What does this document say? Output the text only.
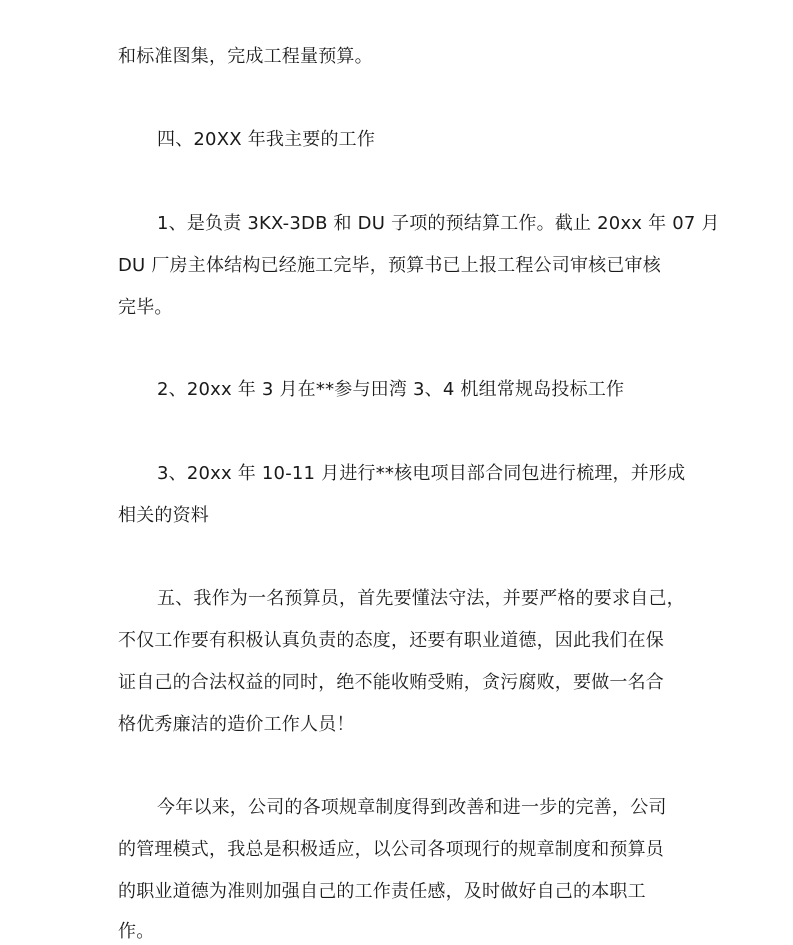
和标准图集，完成工程量预算。
四、20XX 年我主要的工作
1、是负责 3KX-3DB 和 DU 子项的预结算工作。截止 20xx 年 07 月
DU 厂房主体结构已经施工完毕，预算书已上报工程公司审核已审核
完毕。
2、20xx 年 3 月在**参与田湾 3、4 机组常规岛投标工作
3、20xx 年 10-11 月进行**核电项目部合同包进行梳理，并形成
相关的资料
五、我作为一名预算员，首先要懂法守法，并要严格的要求自己，
不仅工作要有积极认真负责的态度，还要有职业道德，因此我们在保
证自己的合法权益的同时，绝不能收贿受贿，贪污腐败，要做一名合
格优秀廉洁的造价工作人员！
今年以来，公司的各项规章制度得到改善和进一步的完善，公司
的管理模式，我总是积极适应，以公司各项现行的规章制度和预算员
的职业道德为准则加强自己的工作责任感，及时做好自己的本职工
作。
